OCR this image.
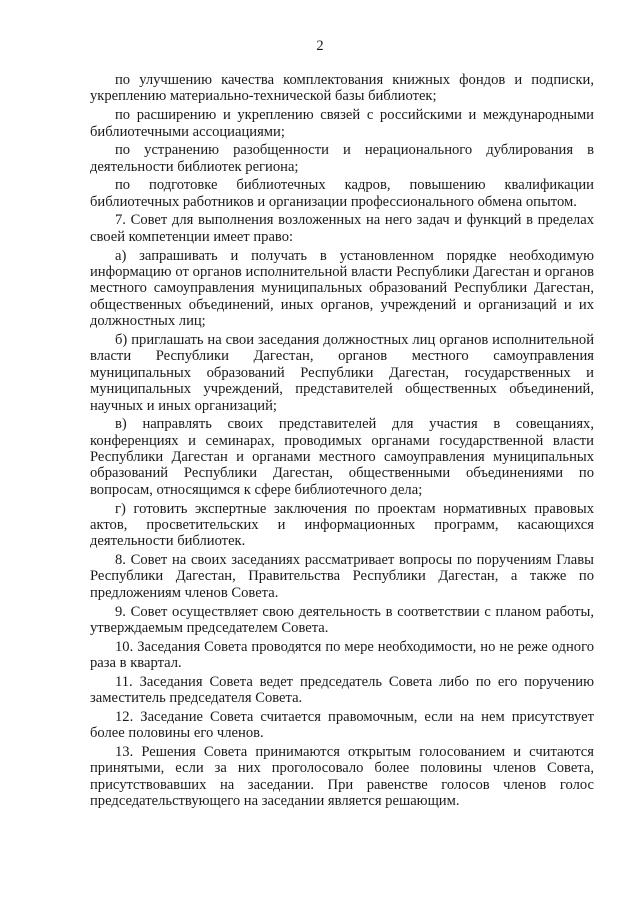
2

по улучшению качества комплектования книжных фондов и подписки, укреплению материально-технической базы библиотек;

по расширению и укреплению связей с российскими и международными библиотечными ассоциациями;

по устранению разобщенности и нерационального дублирования в деятельности библиотек региона;

по подготовке библиотечных кадров, повышению квалификации библиотечных работников и организации профессионального обмена опытом.

7. Совет для выполнения возложенных на него задач и функций в пределах своей компетенции имеет право:

а) запрашивать и получать в установленном порядке необходимую информацию от органов исполнительной власти Республики Дагестан и органов местного самоуправления муниципальных образований Республики Дагестан, общественных объединений, иных органов, учреждений и организаций и их должностных лиц;

б) приглашать на свои заседания должностных лиц органов исполнительной власти Республики Дагестан, органов местного самоуправления муниципальных образований Республики Дагестан, государственных и муниципальных учреждений, представителей общественных объединений, научных и иных организаций;

в) направлять своих представителей для участия в совещаниях, конференциях и семинарах, проводимых органами государственной власти Республики Дагестан и органами местного самоуправления муниципальных образований Республики Дагестан, общественными объединениями по вопросам, относящимся к сфере библиотечного дела;

г) готовить экспертные заключения по проектам нормативных правовых актов, просветительских и информационных программ, касающихся деятельности библиотек.

8. Совет на своих заседаниях рассматривает вопросы по поручениям Главы Республики Дагестан, Правительства Республики Дагестан, а также по предложениям членов Совета.

9. Совет осуществляет свою деятельность в соответствии с планом работы, утверждаемым председателем Совета.

10. Заседания Совета проводятся по мере необходимости, но не реже одного раза в квартал.

11. Заседания Совета ведет председатель Совета либо по его поручению заместитель председателя Совета.

12. Заседание Совета считается правомочным, если на нем присутствует более половины его членов.

13. Решения Совета принимаются открытым голосованием и считаются принятыми, если за них проголосовало более половины членов Совета, присутствовавших на заседании. При равенстве голосов членов голос председательствующего на заседании является решающим.
